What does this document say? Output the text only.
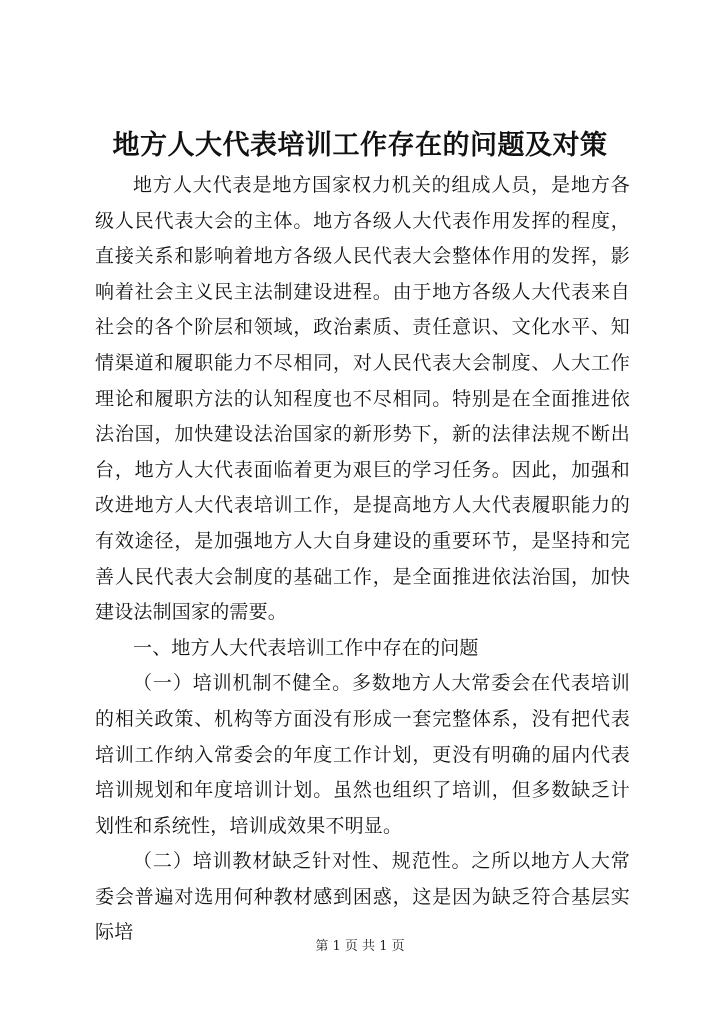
地方人大代表培训工作存在的问题及对策

地方人大代表是地方国家权力机关的组成人员，是地方各级人民代表大会的主体。地方各级人大代表作用发挥的程度，直接关系和影响着地方各级人民代表大会整体作用的发挥，影响着社会主义民主法制建设进程。由于地方各级人大代表来自社会的各个阶层和领域，政治素质、责任意识、文化水平、知情渠道和履职能力不尽相同，对人民代表大会制度、人大工作理论和履职方法的认知程度也不尽相同。特别是在全面推进依法治国，加快建设法治国家的新形势下，新的法律法规不断出台，地方人大代表面临着更为艰巨的学习任务。因此，加强和改进地方人大代表培训工作，是提高地方人大代表履职能力的有效途径，是加强地方人大自身建设的重要环节，是坚持和完善人民代表大会制度的基础工作，是全面推进依法治国，加快建设法制国家的需要。

一、地方人大代表培训工作中存在的问题

（一）培训机制不健全。多数地方人大常委会在代表培训的相关政策、机构等方面没有形成一套完整体系，没有把代表培训工作纳入常委会的年度工作计划，更没有明确的届内代表培训规划和年度培训计划。虽然也组织了培训，但多数缺乏计划性和系统性，培训成效果不明显。

（二）培训教材缺乏针对性、规范性。之所以地方人大常委会普遍对选用何种教材感到困惑，这是因为缺乏符合基层实际培

第 1 页 共 1 页
